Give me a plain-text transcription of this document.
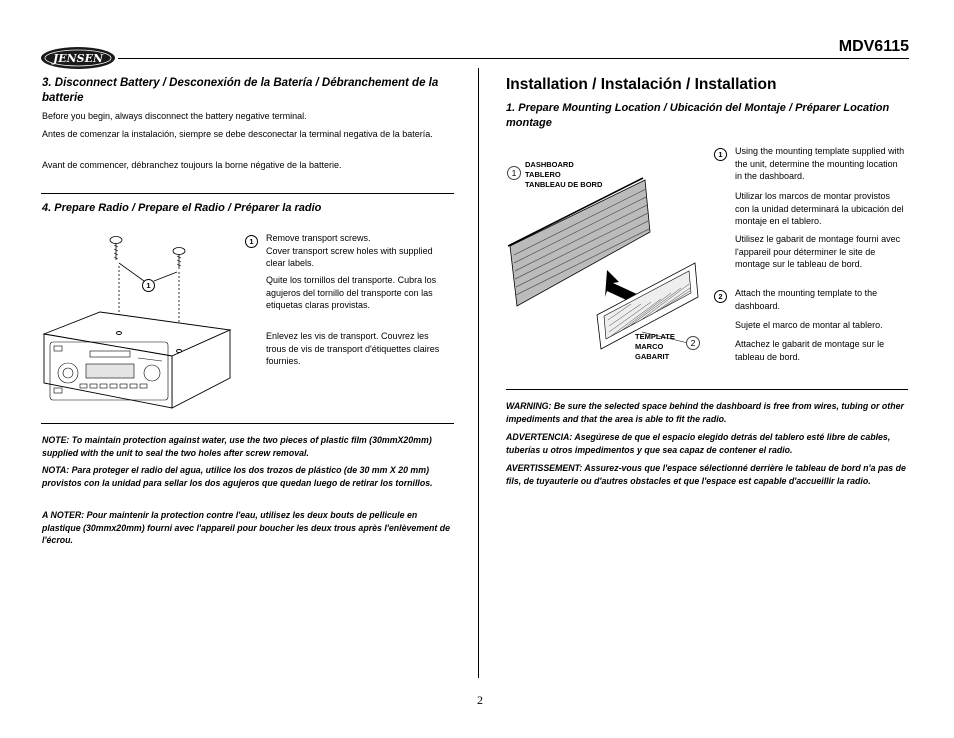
JENSEN
MDV6115
3. Disconnect Battery / Desconexión de la Batería / Débranchement de la batterie
Before you begin, always disconnect the battery negative terminal.
Antes de comenzar la instalación, siempre se debe desconectar la terminal negativa de la batería.
Avant de commencer, débranchez toujours la borne négative de la batterie.
4. Prepare Radio / Prepare el Radio / Préparer la radio
1
1	Remove transport screws.
Cover transport screw holes with supplied clear labels.
Quite los tornillos del transporte. Cubra los agujeros del tornillo del transporte con las etiquetas claras provistas.
Enlevez les vis de transport. Couvrez les trous de vis de transport d'étiquettes claires fournies.
NOTE: To maintain protection against water, use the two pieces of plastic film (30mmX20mm) supplied with the unit to seal the two holes after screw removal.
NOTA: Para proteger el radio del agua, utilice los dos trozos de plástico (de 30 mm X 20 mm) provistos con la unidad para sellar los dos agujeros que quedan luego de retirar los tornillos.
A NOTER: Pour maintenir la protection contre l'eau, utilisez les deux bouts de pellicule en plastique (30mmx20mm) fourni avec l'appareil pour boucher les deux trous après l'enlèvement de l'écrou.
Installation / Instalación / Installation
1. Prepare Mounting Location / Ubicación del Montaje / Préparer Location montage
1
DASHBOARD
TABLERO
TANBLEAU DE BORD
2
TEMPLATE
MARCO
GABARIT
1	Using the mounting template supplied with the unit, determine the mounting location in the dashboard.
Utilizar los marcos de montar provistos con la unidad determinará la ubicación del montaje en el tablero.
Utilisez le gabarit de montage fourni avec l'appareil pour déterminer le site de montage sur le tableau de bord.
2	Attach the mounting template to the dashboard.
Sujete el marco de montar al tablero.
Attachez le gabarit de montage sur le tableau de bord.
WARNING: Be sure the selected space behind the dashboard is free from wires, tubing or other impediments and that the area is able to fit the radio.
ADVERTENCIA: Asegúrese de que el espacio elegido detrás del tablero esté libre de cables, tuberías u otros impedimentos y que sea capaz de contener el radio.
AVERTISSEMENT: Assurez-vous que l'espace sélectionné derrière le tableau de bord n'a pas de fils, de tuyauterie ou d'autres obstacles et que l'espace est capable d'accueillir la radio.
2
